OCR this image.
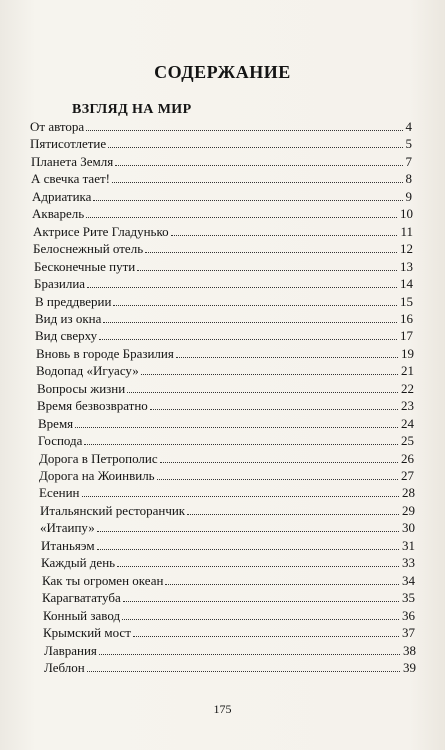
СОДЕРЖАНИЕ
ВЗГЛЯД НА МИР
От автора	4
Пятисотлетие	5
Планета Земля	7
А свечка тает!	8
Адриатика	9
Акварель	10
Актрисе Рите Гладунько	11
Белоснежный отель	12
Бесконечные пути	13
Бразилиа	14
В преддверии	15
Вид из окна	16
Вид сверху	17
Вновь в городе Бразилия	19
Водопад «Игуасу»	21
Вопросы жизни	22
Время безвозвратно	23
Время	24
Господа	25
Дорога в Петрополис	26
Дорога на Жоинвиль	27
Есенин	28
Итальянский ресторанчик	29
«Итаипу»	30
Итаньяэм	31
Каждый день	33
Как ты огромен океан	34
Карагвататуба	35
Конный завод	36
Крымский мост	37
Лаврания	38
Леблон	39
175
